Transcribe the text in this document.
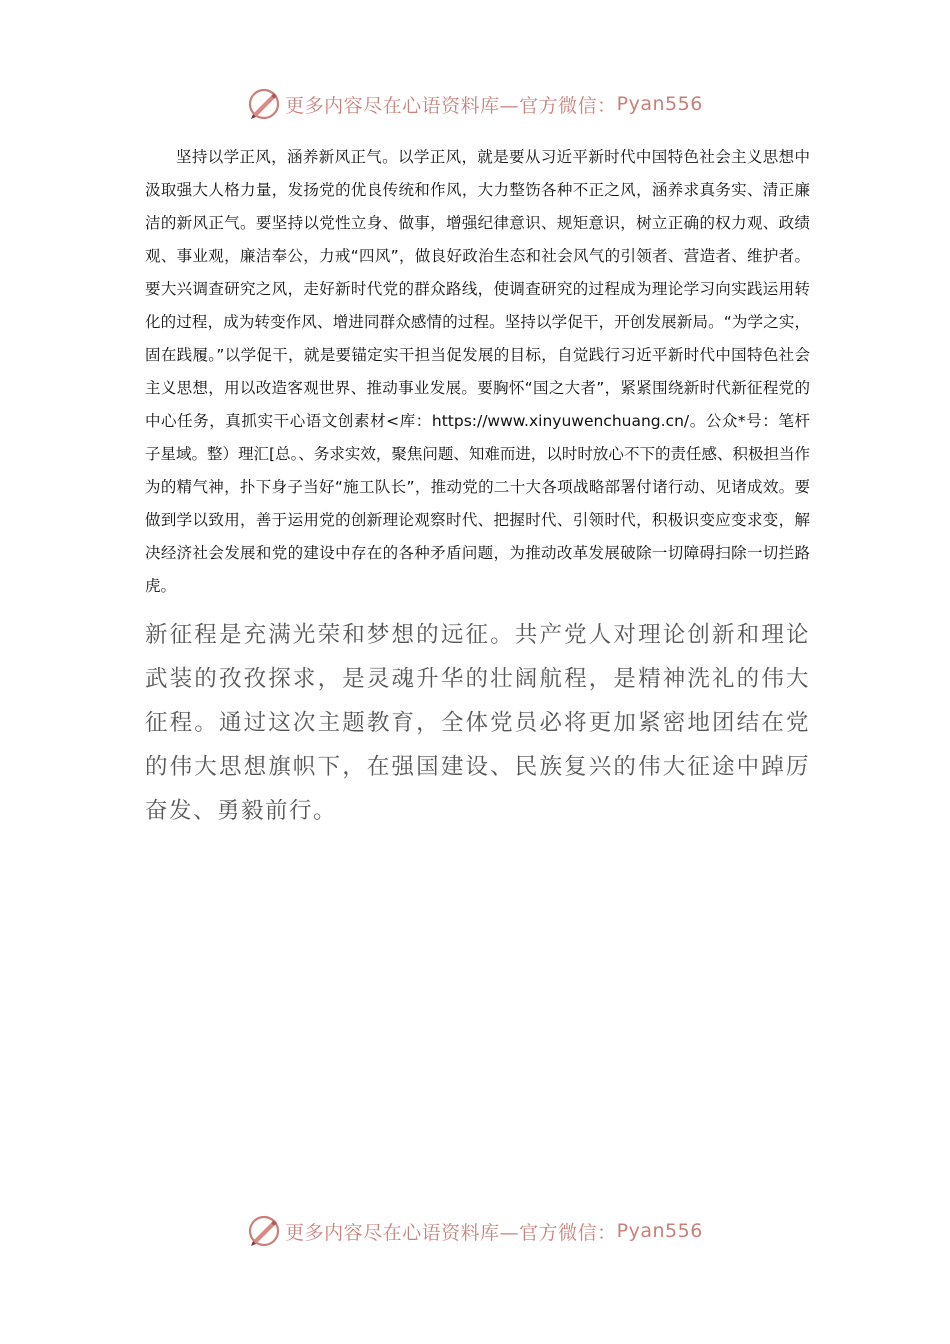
更多内容尽在心语资料库—官方微信： Pyan556

坚持以学正风，涵养新风正气。以学正风，就是要从习近平新时代中国特色社会主义思想中汲取强大人格力量，发扬党的优良传统和作风，大力整饬各种不正之风，涵养求真务实、清正廉洁的新风正气。要坚持以党性立身、做事，增强纪律意识、规矩意识，树立正确的权力观、政绩观、事业观，廉洁奉公，力戒“四风”，做良好政治生态和社会风气的引领者、营造者、维护者。要大兴调查研究之风，走好新时代党的群众路线，使调查研究的过程成为理论学习向实践运用转化的过程，成为转变作风、增进同群众感情的过程。坚持以学促干，开创发展新局。“为学之实，固在践履。”以学促干，就是要锚定实干担当促发展的目标，自觉践行习近平新时代中国特色社会主义思想，用以改造客观世界、推动事业发展。要胸怀“国之大者”，紧紧围绕新时代新征程党的中心任务，真抓实干心语文创素材<库：https://www.xinyuwenchuang.cn/。公众*号：笔杆子星域。整）理汇[总。、务求实效，聚焦问题、知难而进，以时时放心不下的责任感、积极担当作为的精气神，扑下身子当好“施工队长”，推动党的二十大各项战略部署付诸行动、见诸成效。要做到学以致用，善于运用党的创新理论观察时代、把握时代、引领时代，积极识变应变求变，解决经济社会发展和党的建设中存在的各种矛盾问题，为推动改革发展破除一切障碍扫除一切拦路虎。

新征程是充满光荣和梦想的远征。共产党人对理论创新和理论武装的孜孜探求，是灵魂升华的壮阔航程，是精神洗礼的伟大征程。通过这次主题教育，全体党员必将更加紧密地团结在党的伟大思想旗帜下，在强国建设、民族复兴的伟大征途中踔厉奋发、勇毅前行。

更多内容尽在心语资料库—官方微信： Pyan556
